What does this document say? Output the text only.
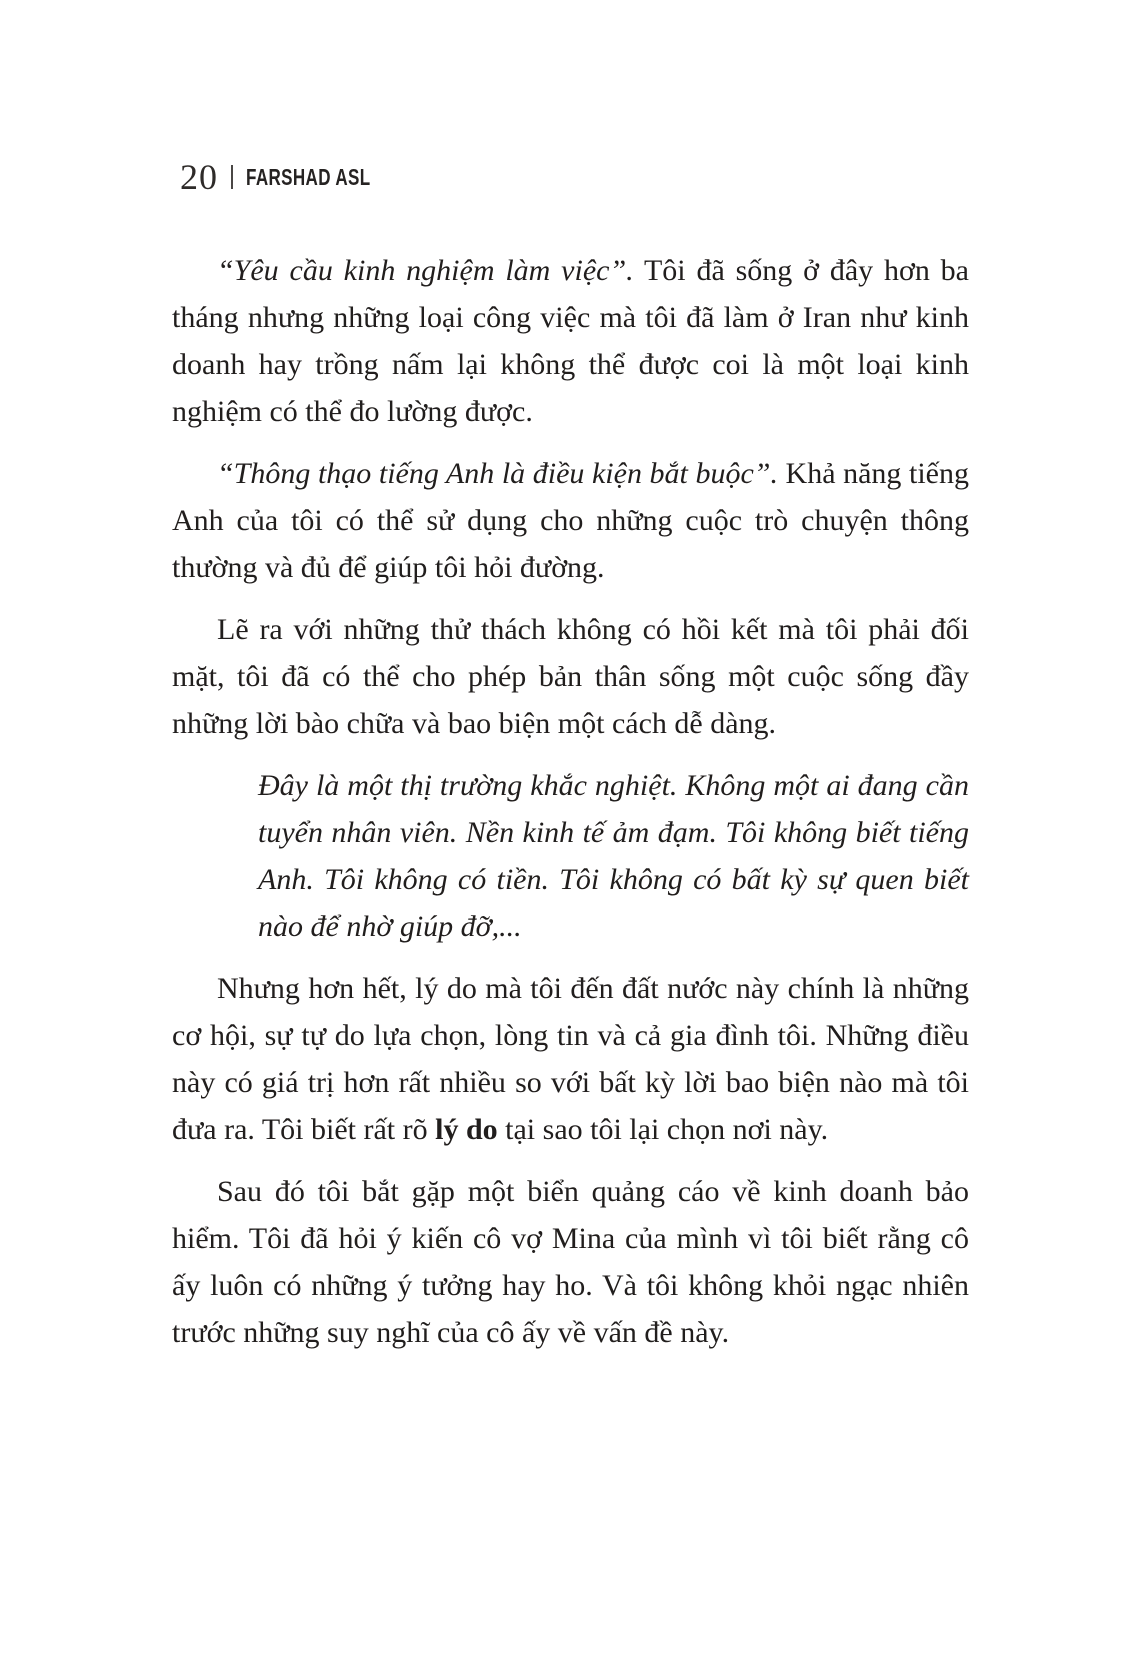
20 FARSHAD ASL

“Yêu cầu kinh nghiệm làm việc”. Tôi đã sống ở đây hơn ba tháng nhưng những loại công việc mà tôi đã làm ở Iran như kinh doanh hay trồng nấm lại không thể được coi là một loại kinh nghiệm có thể đo lường được.

“Thông thạo tiếng Anh là điều kiện bắt buộc”. Khả năng tiếng Anh của tôi có thể sử dụng cho những cuộc trò chuyện thông thường và đủ để giúp tôi hỏi đường.

Lẽ ra với những thử thách không có hồi kết mà tôi phải đối mặt, tôi đã có thể cho phép bản thân sống một cuộc sống đầy những lời bào chữa và bao biện một cách dễ dàng.

Đây là một thị trường khắc nghiệt. Không một ai đang cần tuyển nhân viên. Nền kinh tế ảm đạm. Tôi không biết tiếng Anh. Tôi không có tiền. Tôi không có bất kỳ sự quen biết nào để nhờ giúp đỡ,...

Nhưng hơn hết, lý do mà tôi đến đất nước này chính là những cơ hội, sự tự do lựa chọn, lòng tin và cả gia đình tôi. Những điều này có giá trị hơn rất nhiều so với bất kỳ lời bao biện nào mà tôi đưa ra. Tôi biết rất rõ lý do tại sao tôi lại chọn nơi này.

Sau đó tôi bắt gặp một biển quảng cáo về kinh doanh bảo hiểm. Tôi đã hỏi ý kiến cô vợ Mina của mình vì tôi biết rằng cô ấy luôn có những ý tưởng hay ho. Và tôi không khỏi ngạc nhiên trước những suy nghĩ của cô ấy về vấn đề này.
